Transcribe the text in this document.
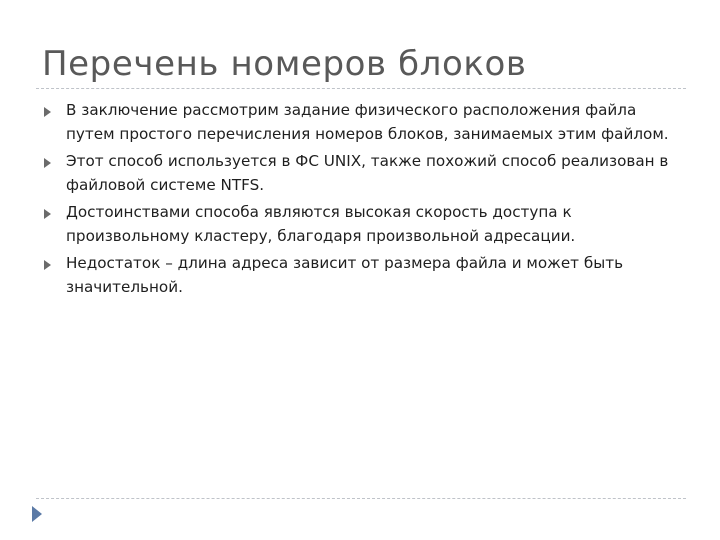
Перечень номеров блоков
В заключение рассмотрим задание физического расположения файла путем простого перечисления номеров блоков, занимаемых этим файлом.
Этот способ используется в ФС UNIX, также похожий способ реализован в файловой системе NTFS.
Достоинствами способа являются высокая скорость доступа к произвольному кластеру, благодаря произвольной адресации.
Недостаток – длина адреса зависит от размера файла и может быть значительной.
